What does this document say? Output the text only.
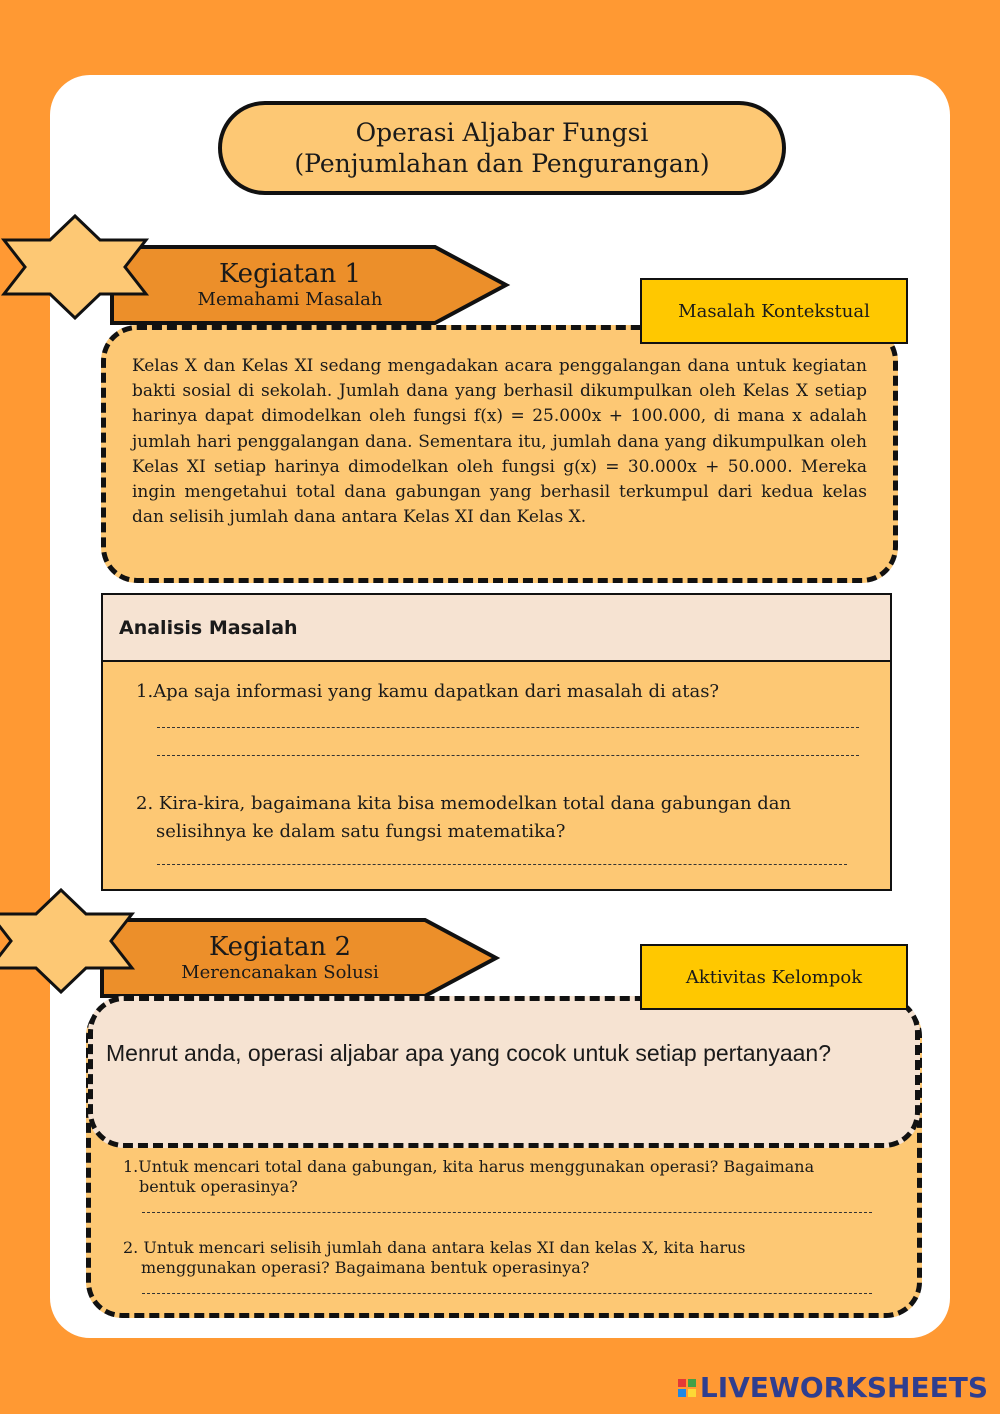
Operasi Aljabar Fungsi
(Penjumlahan dan Pengurangan)
Kegiatan 1
Memahami Masalah
Masalah Kontekstual
Kelas X dan Kelas XI sedang mengadakan acara penggalangan dana untuk kegiatan bakti sosial di sekolah. Jumlah dana yang berhasil dikumpulkan oleh Kelas X setiap harinya dapat dimodelkan oleh fungsi f(x) = 25.000x + 100.000, di mana x adalah jumlah hari penggalangan dana. Sementara itu, jumlah dana yang dikumpulkan oleh Kelas XI setiap harinya dimodelkan oleh fungsi g(x) = 30.000x + 50.000. Mereka ingin mengetahui total dana gabungan yang berhasil terkumpul dari kedua kelas dan selisih jumlah dana antara Kelas XI dan Kelas X.
Analisis Masalah
1.Apa saja informasi yang kamu dapatkan dari masalah di atas?
2. Kira-kira, bagaimana kita bisa memodelkan total dana gabungan dan
selisihnya ke dalam satu fungsi matematika?
Kegiatan 2
Merencanakan Solusi	Aktivitas Kelompok
Menrut anda, operasi aljabar apa yang cocok untuk setiap pertanyaan?
1.Untuk mencari total dana gabungan, kita harus menggunakan operasi? Bagaimana
bentuk operasinya?
2. Untuk mencari selisih jumlah dana antara kelas XI dan kelas X, kita harus
menggunakan operasi? Bagaimana bentuk operasinya?
LIVEWORKSHEETS
